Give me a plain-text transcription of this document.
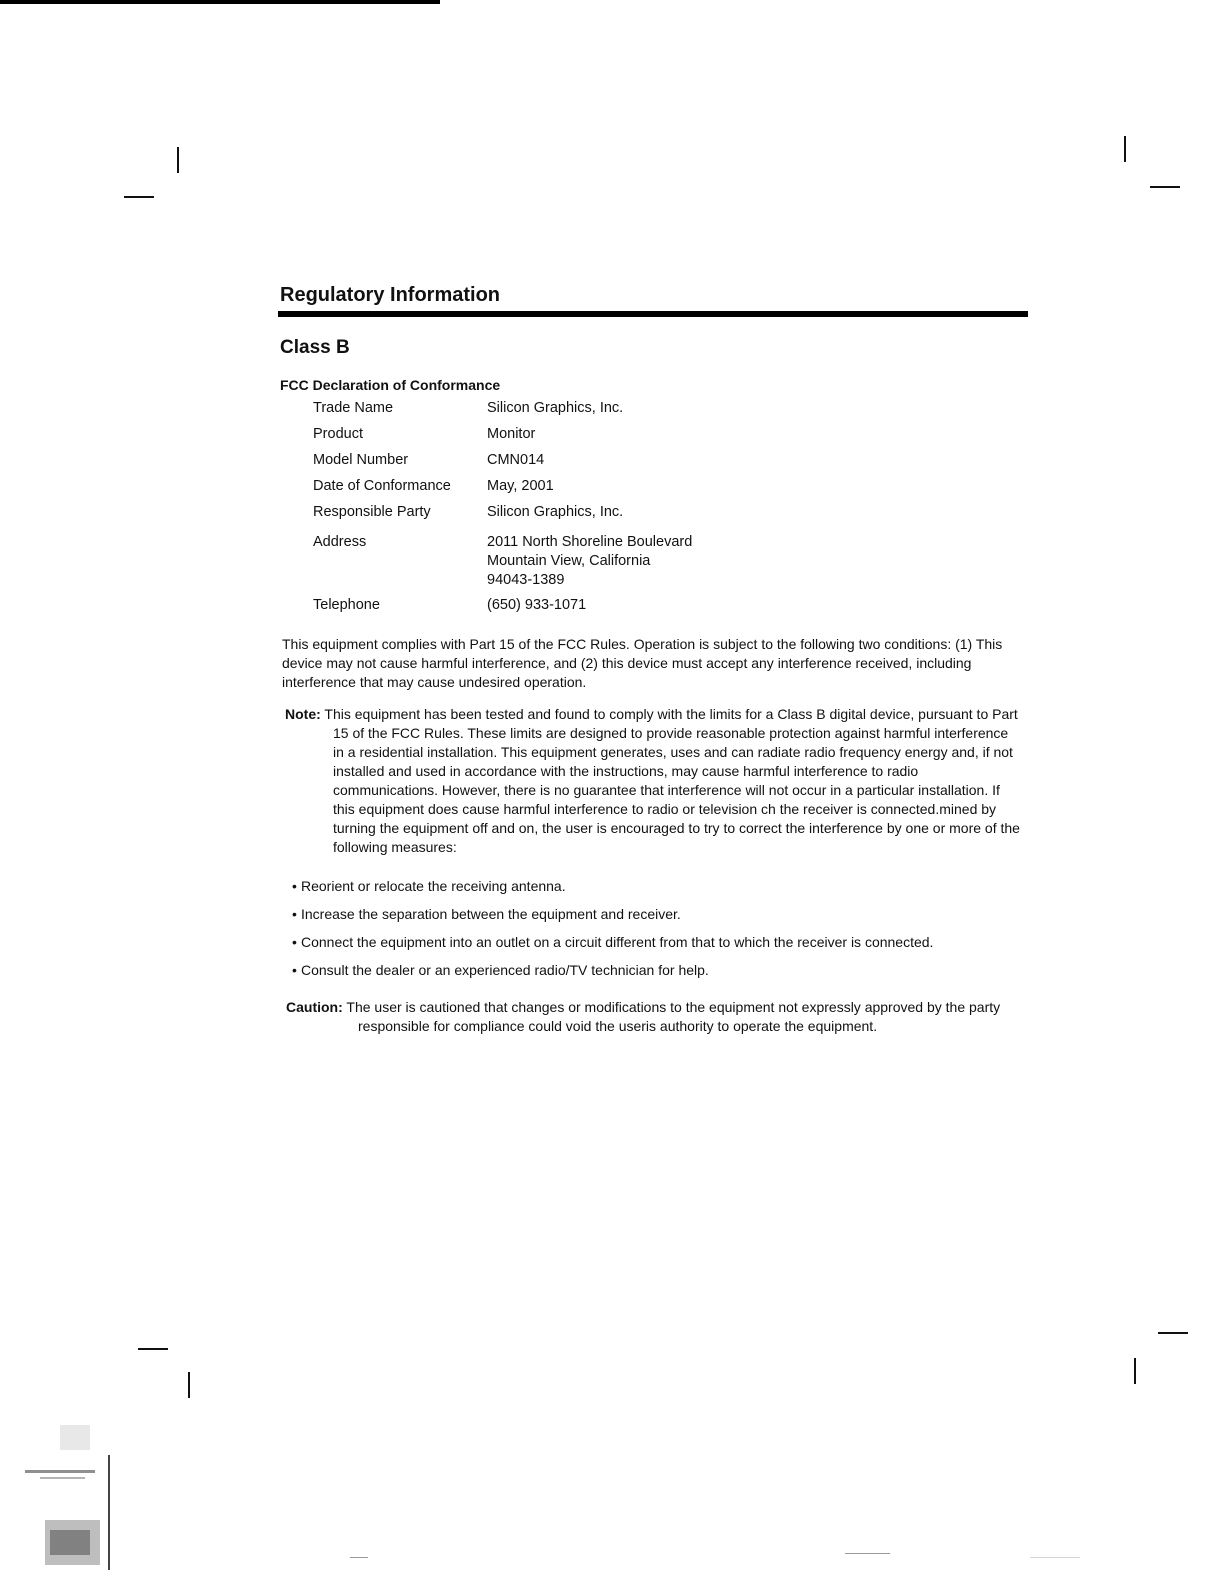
Regulatory Information
Class B
FCC Declaration of Conformance
Trade Name	Silicon Graphics, Inc.
Product	Monitor
Model Number	CMN014
Date of Conformance	May, 2001
Responsible Party	Silicon Graphics, Inc.
Address	2011 North Shoreline Boulevard
Mountain View, California
94043-1389

Telephone	(650) 933-1071

This equipment complies with Part 15 of the FCC Rules. Operation is subject to the following two conditions: (1) This device may not cause harmful interference, and (2) this device must accept any interference received, including interference that may cause undesired operation.

Note: This equipment has been tested and found to comply with the limits for a Class B digital device, pursuant to Part 15 of the FCC Rules. These limits are designed to provide reasonable protection against harmful interference in a residential installation. This equipment generates, uses and can radiate radio frequency energy and, if not installed and used in accordance with the instructions, may cause harmful interference to radio communications. However, there is no guarantee that interference will not occur in a particular installation. If this equipment does cause harmful interference to radio or television ch the receiver is connected.mined by turning the equipment off and on, the user is encouraged to try to correct the interference by one or more of the following measures:
• Reorient or relocate the receiving antenna.
• Increase the separation between the equipment and receiver.
• Connect the equipment into an outlet on a circuit different from that to which the receiver is connected.
• Consult the dealer or an experienced radio/TV technician for help.
Caution: The user is cautioned that changes or modifications to the equipment not expressly approved by the party responsible for compliance could void the useris authority to operate the equipment.
